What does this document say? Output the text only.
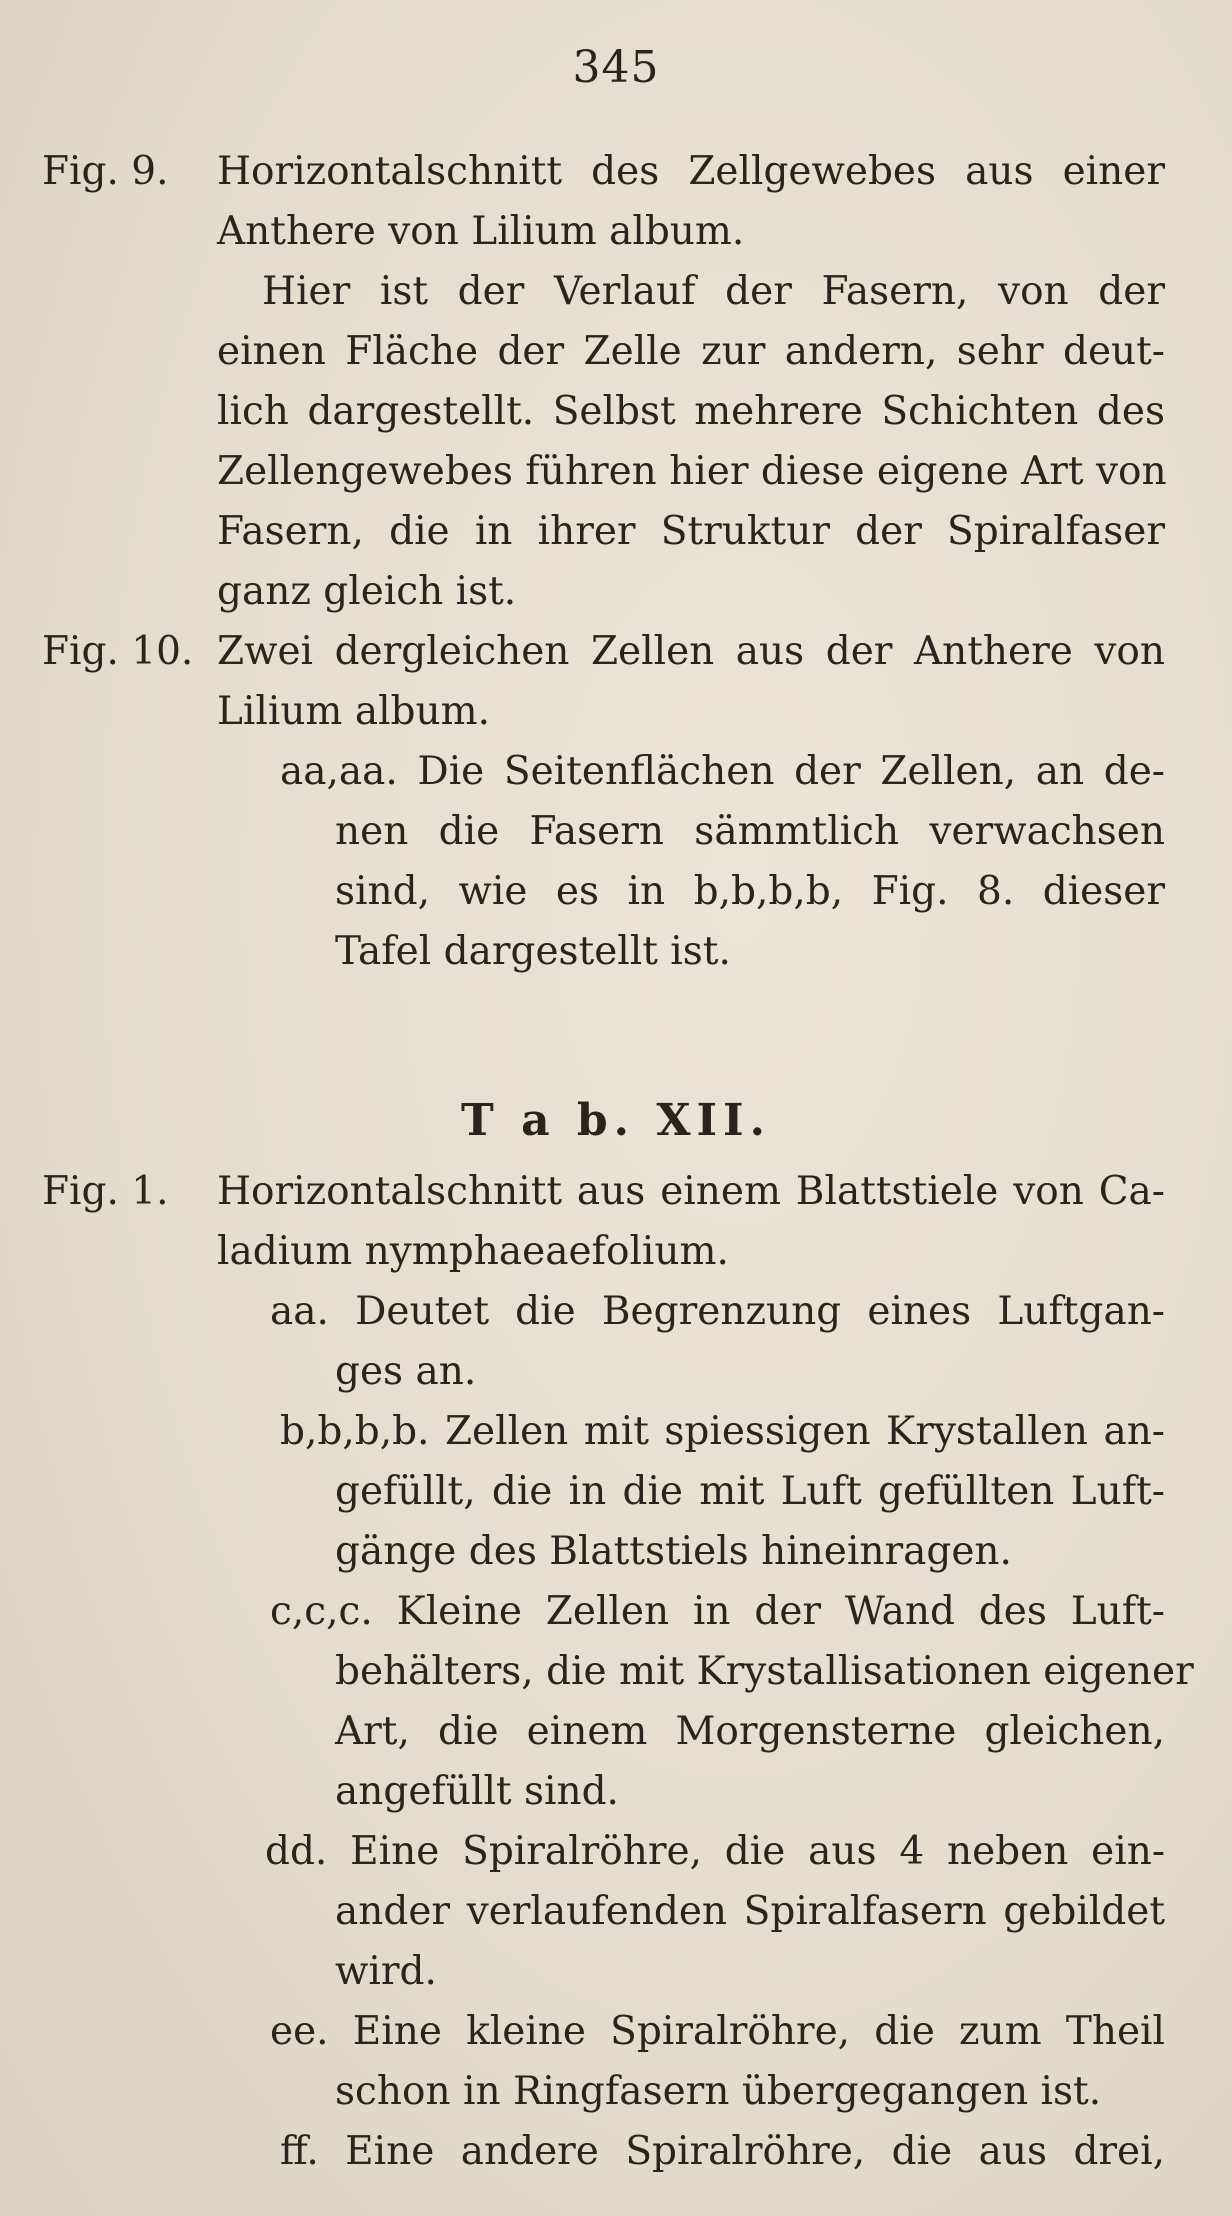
345
Fig. 9. Horizontalschnitt des Zellgewebes aus einer
Anthere von Lilium album.
Hier ist der Verlauf der Fasern, von der
einen Fläche der Zelle zur andern, sehr deut-
lich dargestellt. Selbst mehrere Schichten des
Zellengewebes führen hier diese eigene Art von
Fasern, die in ihrer Struktur der Spiralfaser
ganz gleich ist.
Fig. 10. Zwei dergleichen Zellen aus der Anthere von
Lilium album.
aa,aa. Die Seitenflächen der Zellen, an de-
nen die Fasern sämmtlich verwachsen
sind, wie es in b,b,b,b, Fig. 8. dieser
Tafel dargestellt ist.
T a b. XII.
Fig. 1. Horizontalschnitt aus einem Blattstiele von Ca-
ladium nymphaeaefolium.
aa. Deutet die Begrenzung eines Luftgan-
ges an.
b,b,b,b. Zellen mit spiessigen Krystallen an-
gefüllt, die in die mit Luft gefüllten Luft-
gänge des Blattstiels hineinragen.
c,c,c. Kleine Zellen in der Wand des Luft-
behälters, die mit Krystallisationen eigener
Art, die einem Morgensterne gleichen,
angefüllt sind.
dd. Eine Spiralröhre, die aus 4 neben ein-
ander verlaufenden Spiralfasern gebildet
wird.
ee. Eine kleine Spiralröhre, die zum Theil
schon in Ringfasern übergegangen ist.
ff. Eine andere Spiralröhre, die aus drei,
